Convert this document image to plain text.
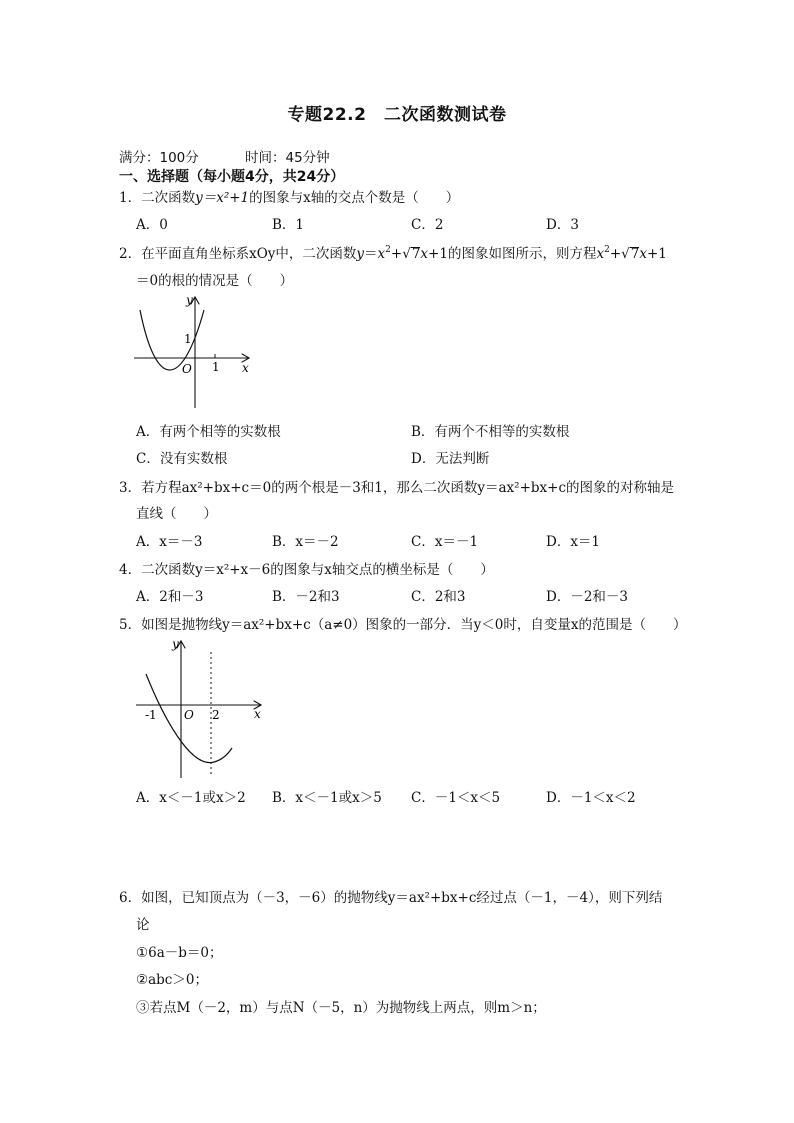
专题22.2　二次函数测试卷
满分：100分	时间：45分钟
一、选择题（每小题4分，共24分）
1．二次函数y＝x²+1的图象与x轴的交点个数是（　　）
A．0	B．1	C．2	D．3
2．在平面直角坐标系xOy中，二次函数$y=x^2+√7x+1$的图象如图所示，则方程$x^2+√7x+1$
＝0的根的情况是（　　）
y
x
O 1
1
A．有两个相等的实数根	B．有两个不相等的实数根
C．没有实数根	D．无法判断
3．若方程ax²+bx+c＝0的两个根是－3和1，那么二次函数y＝ax²+bx+c的图象的对称轴是
直线（　　）
A．x＝－3	B．x＝－2	C．x＝－1	D．x＝1
4．二次函数y＝x²+x－6的图象与x轴交点的横坐标是（　　）
A．2和－3	B．－2和3	C．2和3	D．－2和－3
5．如图是抛物线y＝ax²+bx+c（a≠0）图象的一部分．当y＜0时，自变量x的范围是（　　）
y
x
O
-1	2
A．x＜－1或x＞2 B．x＜－1或x＞5 C．－1＜x＜5	D．－1＜x＜2
6．如图，已知顶点为（－3，－6）的抛物线y＝ax²+bx+c经过点（－1，－4），则下列结
论
①6a－b＝0；
②abc＞0；
③若点M（－2，m）与点N（－5，n）为抛物线上两点，则m＞n；
